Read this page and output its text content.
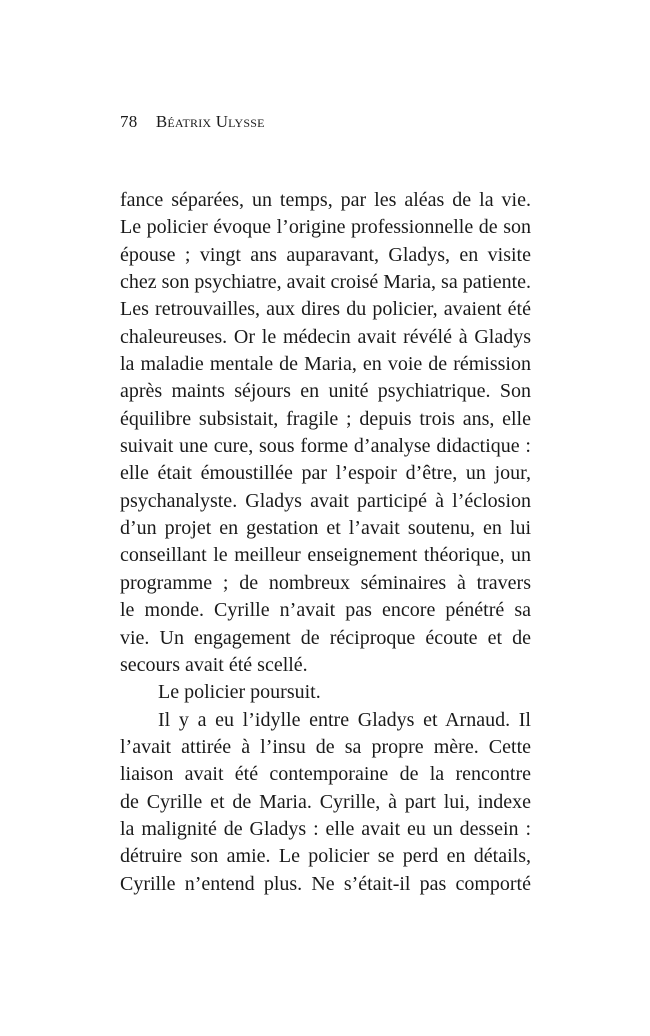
78 Béatrix Ulysse
fance séparées, un temps, par les aléas de la vie.
Le policier évoque l’origine professionnelle de son
épouse ; vingt ans auparavant, Gladys, en visite
chez son psychiatre, avait croisé Maria, sa patiente.
Les retrouvailles, aux dires du policier, avaient été
chaleureuses. Or le médecin avait révélé à Gladys
la maladie mentale de Maria, en voie de rémission
après maints séjours en unité psychiatrique. Son
équilibre subsistait, fragile ; depuis trois ans, elle
suivait une cure, sous forme d’analyse didactique :
elle était émoustillée par l’espoir d’être, un jour,
psychanalyste. Gladys avait participé à l’éclosion
d’un projet en gestation et l’avait soutenu, en lui
conseillant le meilleur enseignement théorique, un
programme ; de nombreux séminaires à travers
le monde. Cyrille n’avait pas encore pénétré sa
vie. Un engagement de réciproque écoute et de
secours avait été scellé.
Le policier poursuit.
Il y a eu l’idylle entre Gladys et Arnaud. Il
l’avait attirée à l’insu de sa propre mère. Cette
liaison avait été contemporaine de la rencontre
de Cyrille et de Maria. Cyrille, à part lui, indexe
la malignité de Gladys : elle avait eu un dessein :
détruire son amie. Le policier se perd en détails,
Cyrille n’entend plus. Ne s’était-il pas comporté
